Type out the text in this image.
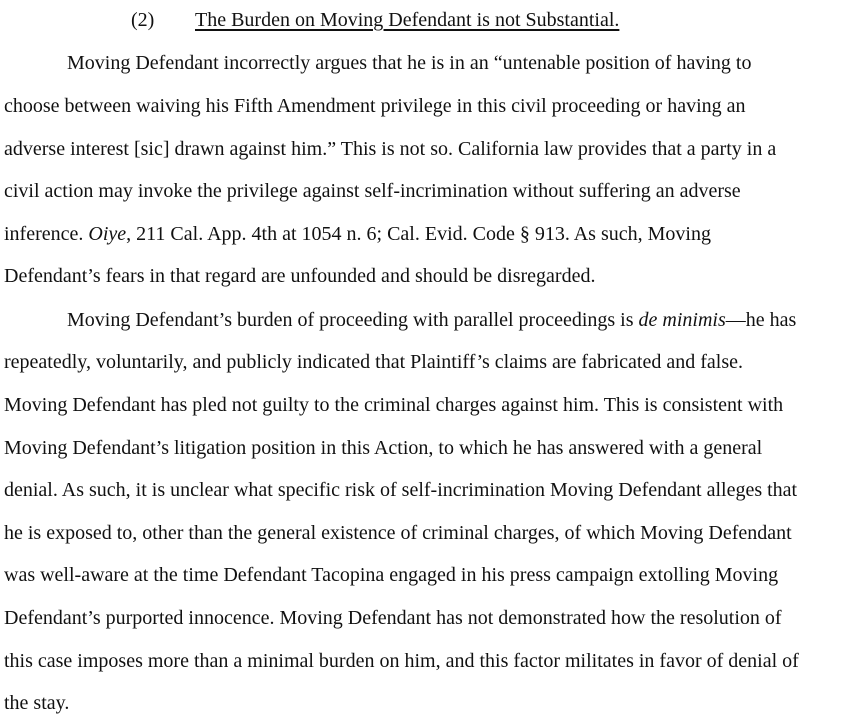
(2) The Burden on Moving Defendant is not Substantial.
Moving Defendant incorrectly argues that he is in an “untenable position of having to
choose between waiving his Fifth Amendment privilege in this civil proceeding or having an
adverse interest [sic] drawn against him.” This is not so. California law provides that a party in a
civil action may invoke the privilege against self-incrimination without suffering an adverse
inference. Oiye, 211 Cal. App. 4th at 1054 n. 6; Cal. Evid. Code § 913. As such, Moving
Defendant’s fears in that regard are unfounded and should be disregarded.
Moving Defendant’s burden of proceeding with parallel proceedings is de minimis—he has
repeatedly, voluntarily, and publicly indicated that Plaintiff’s claims are fabricated and false.
Moving Defendant has pled not guilty to the criminal charges against him. This is consistent with
Moving Defendant’s litigation position in this Action, to which he has answered with a general
denial. As such, it is unclear what specific risk of self-incrimination Moving Defendant alleges that
he is exposed to, other than the general existence of criminal charges, of which Moving Defendant
was well-aware at the time Defendant Tacopina engaged in his press campaign extolling Moving
Defendant’s purported innocence. Moving Defendant has not demonstrated how the resolution of
this case imposes more than a minimal burden on him, and this factor militates in favor of denial of
the stay.
